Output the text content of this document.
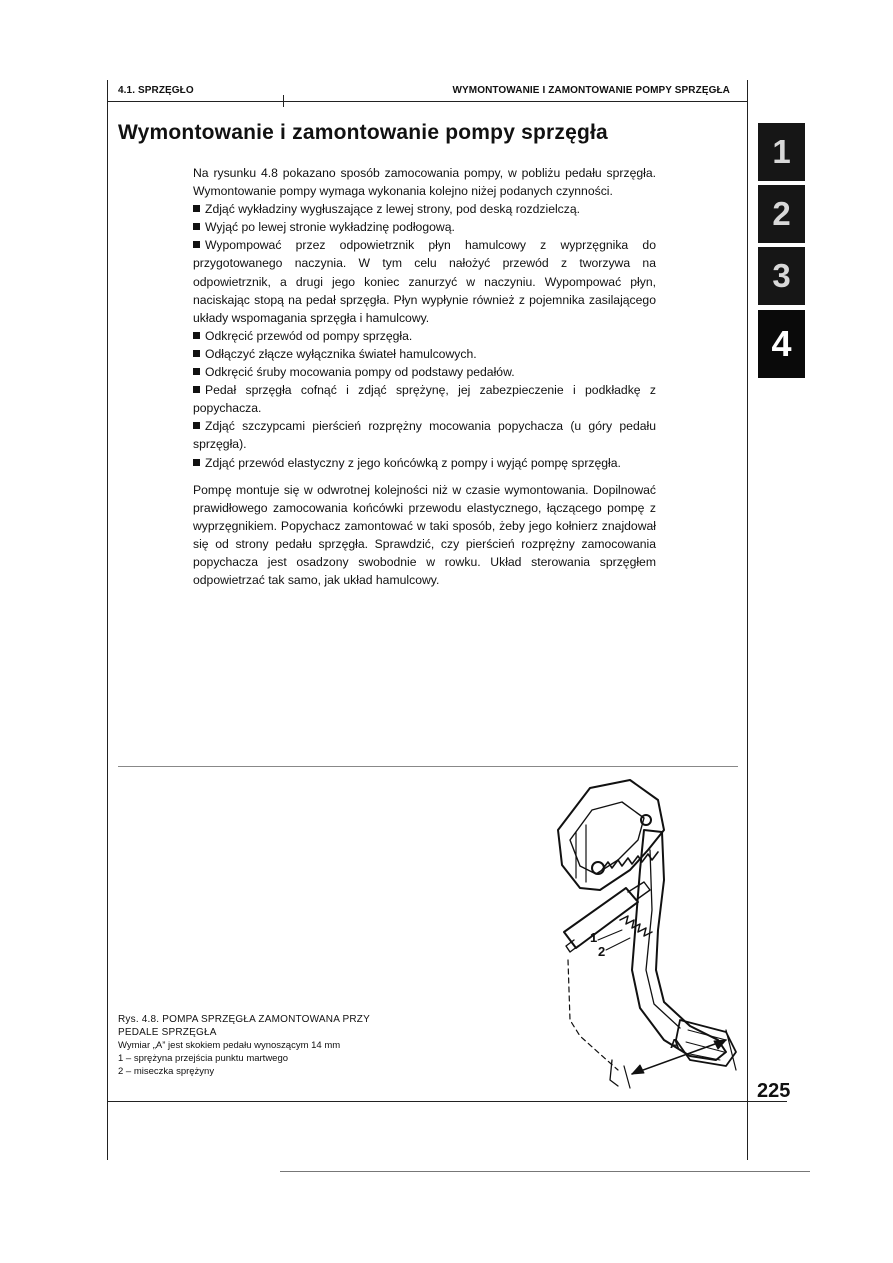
4.1. SPRZĘGŁO	WYMONTOWANIE I ZAMONTOWANIE POMPY SPRZĘGŁA
Wymontowanie i zamontowanie pompy sprzęgła

Na rysunku 4.8 pokazano sposób zamocowania pompy, w pobliżu pedału sprzęgła. Wymontowanie pompy wymaga wykonania kolejno niżej podanych czynności.

Zdjąć wykładziny wygłuszające z lewej strony, pod deską rozdzielczą.

Wyjąć po lewej stronie wykładzinę podłogową.

Wypompować przez odpowietrznik płyn hamulcowy z wyprzęgnika do przygotowanego naczynia. W tym celu nałożyć przewód z tworzywa na odpowietrznik, a drugi jego koniec zanurzyć w naczyniu. Wypompować płyn, naciskając stopą na pedał sprzęgła. Płyn wypłynie również z pojemnika zasilającego układy wspomagania sprzęgła i hamulcowy.

Odkręcić przewód od pompy sprzęgła.

Odłączyć złącze wyłącznika świateł hamulcowych.

Odkręcić śruby mocowania pompy od podstawy pedałów.

Pedał sprzęgła cofnąć i zdjąć sprężynę, jej zabezpieczenie i podkładkę z popychacza.

Zdjąć szczypcami pierścień rozprężny mocowania popychacza (u góry pedału sprzęgła).

Zdjąć przewód elastyczny z jego końcówką z pompy i wyjąć pompę sprzęgła.

Pompę montuje się w odwrotnej kolejności niż w czasie wymontowania. Dopilnować prawidłowego zamocowania końcówki przewodu elastycznego, łączącego pompę z wyprzęgnikiem. Popychacz zamontować w taki sposób, żeby jego kołnierz znajdował się od strony pedału sprzęgła. Sprawdzić, czy pierścień rozprężny zamocowania popychacza jest osadzony swobodnie w rowku. Układ sterowania sprzęgłem odpowietrzać tak samo, jak układ hamulcowy.

1
2
3
4
1
2
A
Rys. 4.8. POMPA SPRZĘGŁA ZAMONTOWANA PRZY PEDALE SPRZĘGŁA
Wymiar „A” jest skokiem pedału wynoszącym 14 mm
1 – sprężyna przejścia punktu martwego
2 – miseczka sprężyny
225
